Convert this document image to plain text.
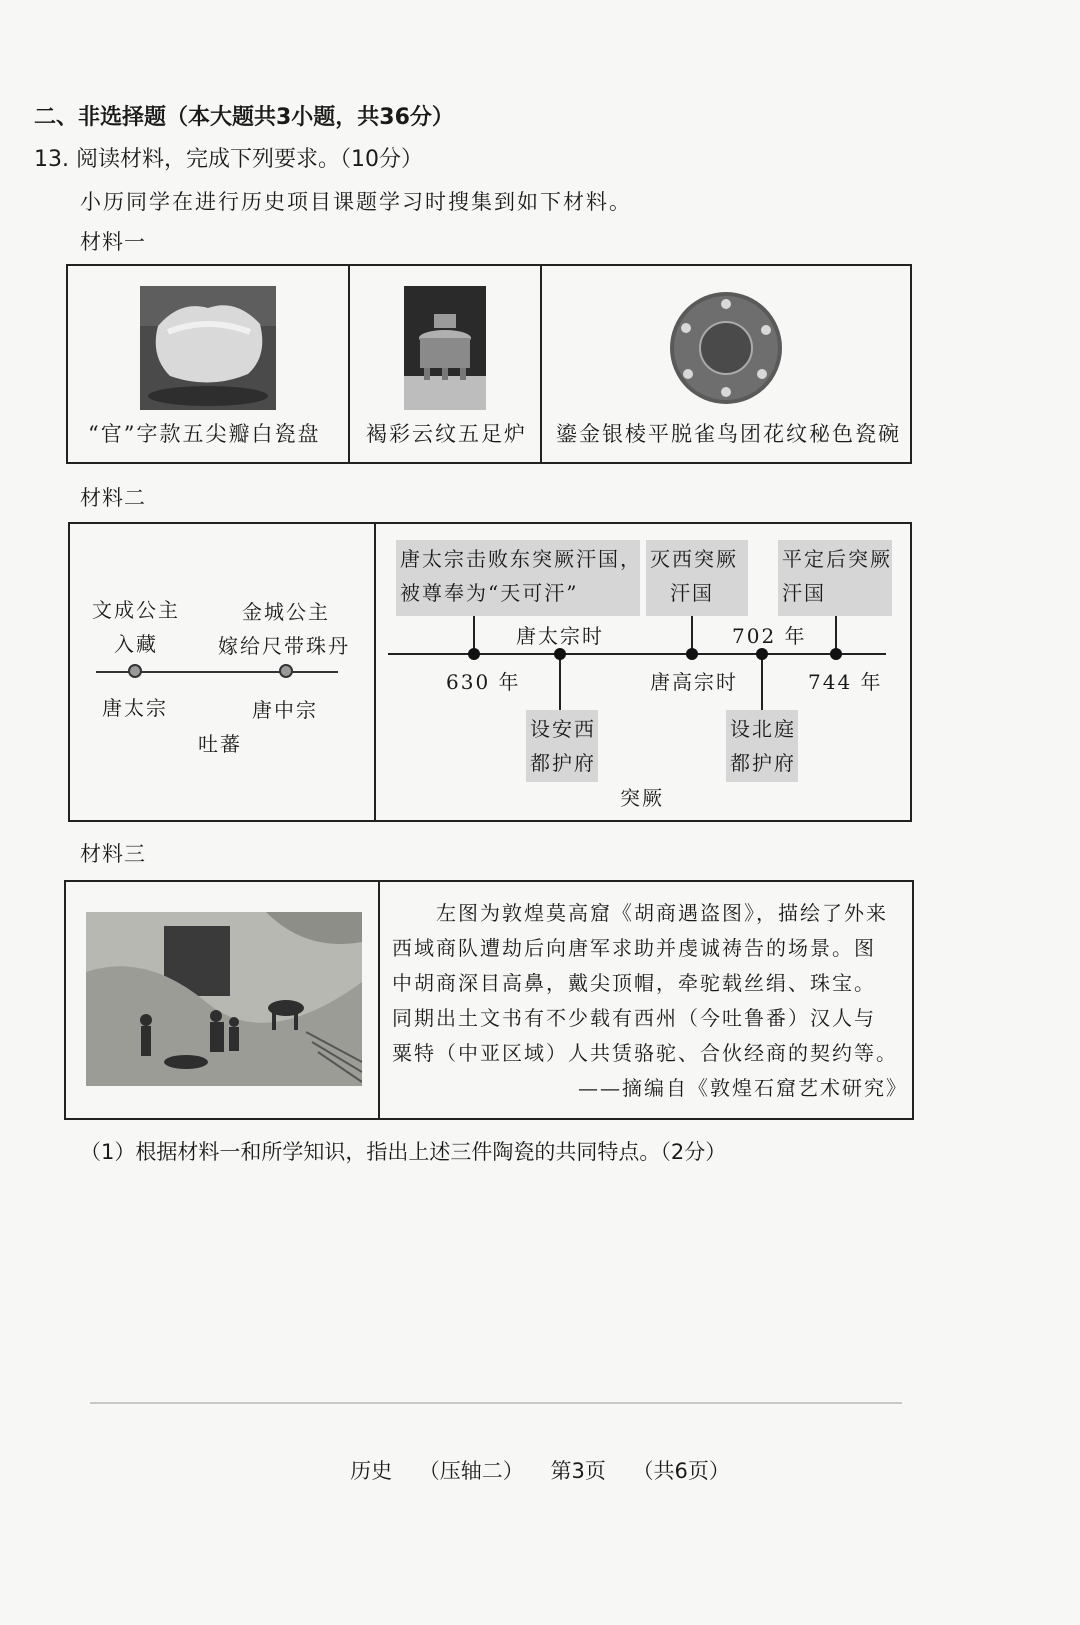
二、非选择题（本大题共3小题，共36分）
13. 阅读材料，完成下列要求。（10分）
小历同学在进行历史项目课题学习时搜集到如下材料。
材料一
“官”字款五尖瓣白瓷盘 褐彩云纹五足炉 鎏金银棱平脱雀鸟团花纹秘色瓷碗
材料二
文成公主
入藏
金城公主
嫁给尺带珠丹
唐太宗	唐中宗
吐蕃
唐太宗击败东突厥汗国，
被尊奉为“天可汗”
灭西突厥
汗国
平定后突厥
汗国
唐太宗时	702 年
630 年	唐高宗时	744 年
设安西
都护府
设北庭
都护府
突厥
材料三

　　左图为敦煌莫高窟《胡商遇盗图》，描绘了外来

西域商队遭劫后向唐军求助并虔诚祷告的场景。图

中胡商深目高鼻，戴尖顶帽，牵驼载丝绢、珠宝。

同期出土文书有不少载有西州（今吐鲁番）汉人与

粟特（中亚区域）人共赁骆驼、合伙经商的契约等。

——摘编自《敦煌石窟艺术研究》

（1）根据材料一和所学知识，指出上述三件陶瓷的共同特点。（2分）
历史 （压轴二） 第3页 （共6页）
